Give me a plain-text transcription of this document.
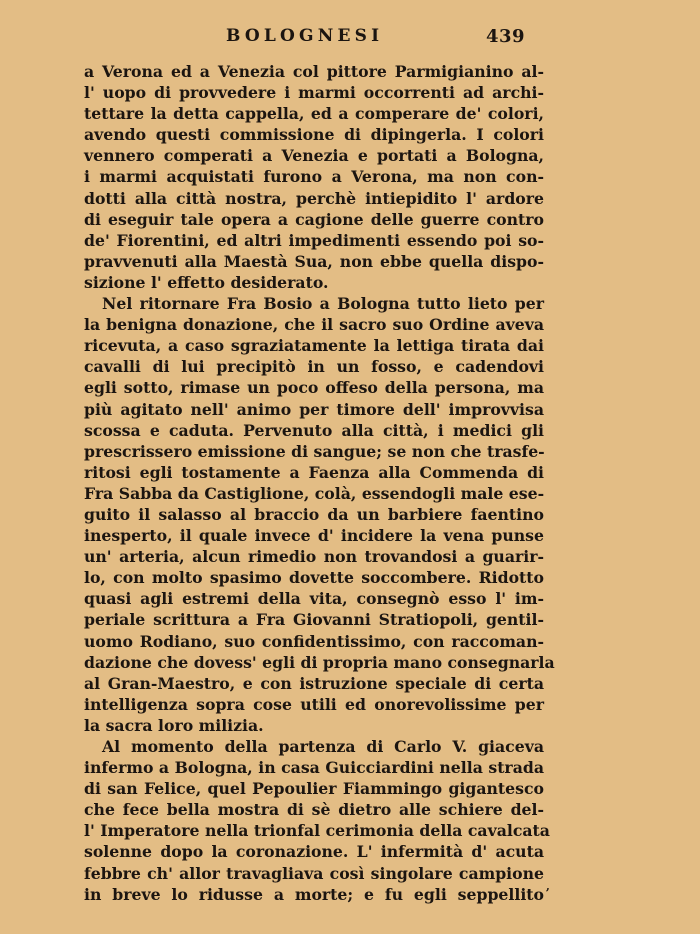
BOLOGNESI	439
a Verona ed a Venezia col pittore Parmigianino al-
l' uopo di provvedere i marmi occorrenti ad archi-
tettare la detta cappella, ed a comperare de' colori,
avendo questi commissione di dipingerla. I colori
vennero comperati a Venezia e portati a Bologna,
i marmi acquistati furono a Verona, ma non con-
dotti alla città nostra, perchè intiepidito l' ardore
di eseguir tale opera a cagione delle guerre contro
de' Fiorentini, ed altri impedimenti essendo poi so-
pravvenuti alla Maestà Sua, non ebbe quella dispo-
sizione l' effetto desiderato.
Nel ritornare Fra Bosio a Bologna tutto lieto per
la benigna donazione, che il sacro suo Ordine aveva
ricevuta, a caso sgraziatamente la lettiga tirata dai
cavalli di lui precipitò in un fosso, e cadendovi
egli sotto, rimase un poco offeso della persona, ma
più agitato nell' animo per timore dell' improvvisa
scossa e caduta. Pervenuto alla città, i medici gli
prescrissero emissione di sangue; se non che trasfe-
ritosi egli tostamente a Faenza alla Commenda di
Fra Sabba da Castiglione, colà, essendogli male ese-
guito il salasso al braccio da un barbiere faentino
inesperto, il quale invece d' incidere la vena punse
un' arteria, alcun rimedio non trovandosi a guarir-
lo, con molto spasimo dovette soccombere. Ridotto
quasi agli estremi della vita, consegnò esso l' im-
periale scrittura a Fra Giovanni Stratiopoli, gentil-
uomo Rodiano, suo confidentissimo, con raccoman-
dazione che dovess' egli di propria mano consegnarla
al Gran-Maestro, e con istruzione speciale di certa
intelligenza sopra cose utili ed onorevolissime per
la sacra loro milizia.
Al momento della partenza di Carlo V. giaceva
infermo a Bologna, in casa Guicciardini nella strada
di san Felice, quel Pepoulier Fiammingo gigantesco
che fece bella mostra di sè dietro alle schiere del-
l' Imperatore nella trionfal cerimonia della cavalcata
solenne dopo la coronazione. L' infermità d' acuta
febbre ch' allor travagliava così singolare campione
in breve lo ridusse a morte; e fu egli seppellito ,
